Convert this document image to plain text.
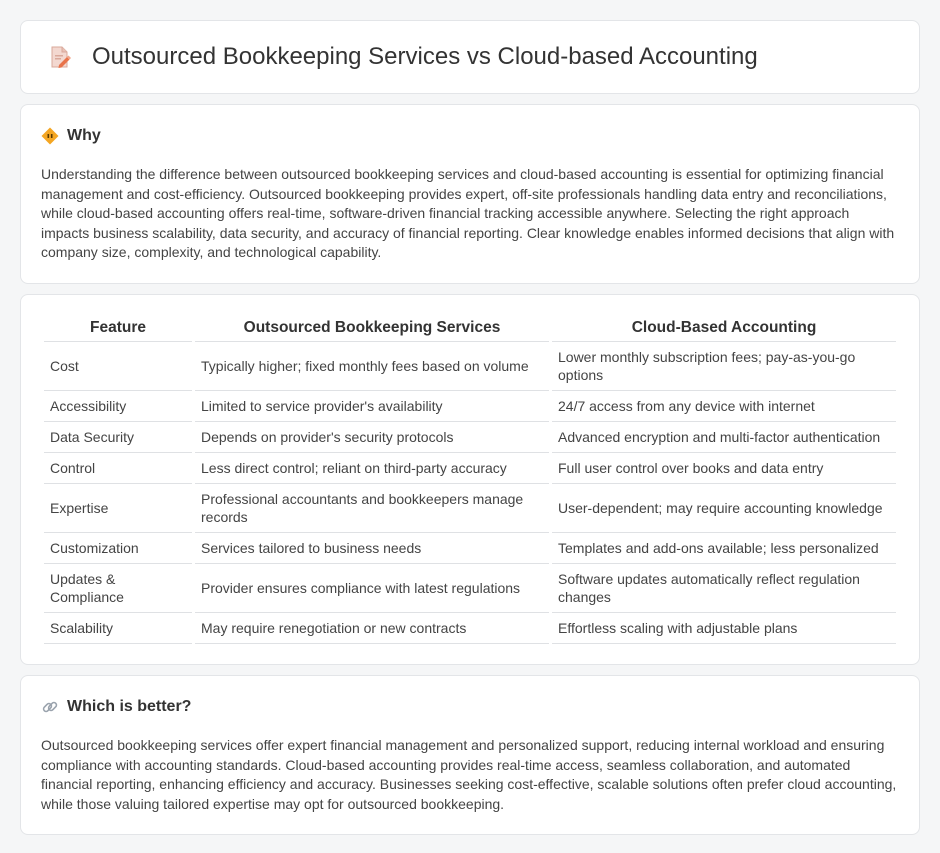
Outsourced Bookkeeping Services vs Cloud-based Accounting
Why

Understanding the difference between outsourced bookkeeping services and cloud-based accounting is essential for optimizing financial management and cost-efficiency. Outsourced bookkeeping provides expert, off-site professionals handling data entry and reconciliations, while cloud-based accounting offers real-time, software-driven financial tracking accessible anywhere. Selecting the right approach impacts business scalability, data security, and accuracy of financial reporting. Clear knowledge enables informed decisions that align with company size, complexity, and technological capability.

Feature	Outsourced Bookkeeping Services	Cloud-Based Accounting
Cost	Typically higher; fixed monthly fees based on volume	Lower monthly subscription fees; pay-as-you-go options
Accessibility	Limited to service provider's availability	24/7 access from any device with internet
Data Security	Depends on provider's security protocols	Advanced encryption and multi-factor authentication
Control	Less direct control; reliant on third-party accuracy	Full user control over books and data entry
Expertise	Professional accountants and bookkeepers manage records	User-dependent; may require accounting knowledge
Customization	Services tailored to business needs	Templates and add-ons available; less personalized
Updates & Compliance	Provider ensures compliance with latest regulations	Software updates automatically reflect regulation changes
Scalability	May require renegotiation or new contracts	Effortless scaling with adjustable plans
Which is better?

Outsourced bookkeeping services offer expert financial management and personalized support, reducing internal workload and ensuring compliance with accounting standards. Cloud-based accounting provides real-time access, seamless collaboration, and automated financial reporting, enhancing efficiency and accuracy. Businesses seeking cost-effective, scalable solutions often prefer cloud accounting, while those valuing tailored expertise may opt for outsourced bookkeeping.
